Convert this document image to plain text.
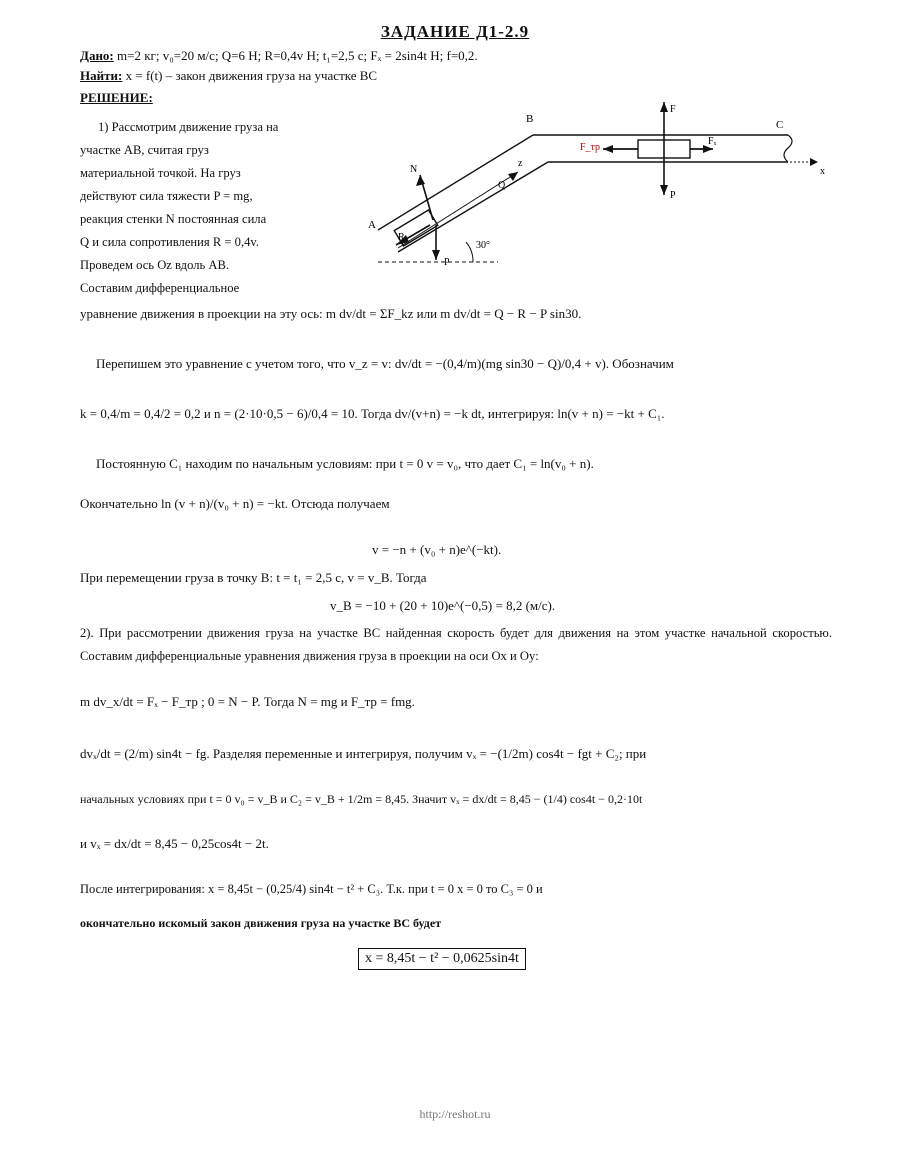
ЗАДАНИЕ Д1-2.9
Дано: m=2 кг; v₀=20 м/с; Q=6 Н; R=0,4v Н; t₁=2,5 с; Fₓ = 2sin4t Н; f=0,2.
Найти: x = f(t) – закон движения груза на участке BC
РЕШЕНИЕ:
1) Рассмотрим движение груза на
участке AB, считая груз
материальной точкой. На груз
действуют сила тяжести P = mg,
реакция стенки N постоянная сила
Q и сила сопротивления R = 0,4v.
Проведем ось Oz вдоль AB.
Составим дифференциальное
B	C
A
N
Q
R
P
F
P
Fₓ
F_тр
x
z
30°
уравнение движения в проекции на эту ось: m dv/dt = ΣF_kz или m dv/dt = Q − R − P sin30.
Перепишем это уравнение с учетом того, что v_z = v: dv/dt = −(0,4/m)(mg sin30 − Q)/0,4 + v). Обозначим
k = 0,4/m = 0,4/2 = 0,2 и n = (2·10·0,5 − 6)/0,4 = 10. Тогда dv/(v+n) = −k dt, интегрируя: ln(v + n) = −kt + C₁.
Постоянную C₁ находим по начальным условиям: при t = 0 v = v₀, что дает C₁ = ln(v₀ + n).
Окончательно ln (v + n)/(v₀ + n) = −kt. Отсюда получаем
v = −n + (v₀ + n)e^(−kt).
При перемещении груза в точку B: t = t₁ = 2,5 с, v = v_B. Тогда
v_B = −10 + (20 + 10)e^(−0,5) = 8,2 (м/с).
2). При рассмотрении движения груза на участке BC найденная скорость будет для движения на этом участке начальной скоростью. Составим дифференциальные уравнения движения груза в проекции на оси Ox и Oy:
m dv_x/dt = Fₓ − F_тр ; 0 = N − P. Тогда N = mg и F_тр = fmg.
dvₓ/dt = (2/m) sin4t − fg. Разделяя переменные и интегрируя, получим vₓ = −(1/2m) cos4t − fgt + C₂; при
начальных условиях при t = 0 v₀ = v_B и C₂ = v_B + 1/2m = 8,45. Значит vₓ = dx/dt = 8,45 − (1/4) cos4t − 0,2·10t
и vₓ = dx/dt = 8,45 − 0,25cos4t − 2t.
После интегрирования: x = 8,45t − (0,25/4) sin4t − t² + C₃. Т.к. при t = 0 x = 0 то C₃ = 0 и
окончательно искомый закон движения груза на участке BC будет
x = 8,45t − t² − 0,0625sin4t
http://reshot.ru
